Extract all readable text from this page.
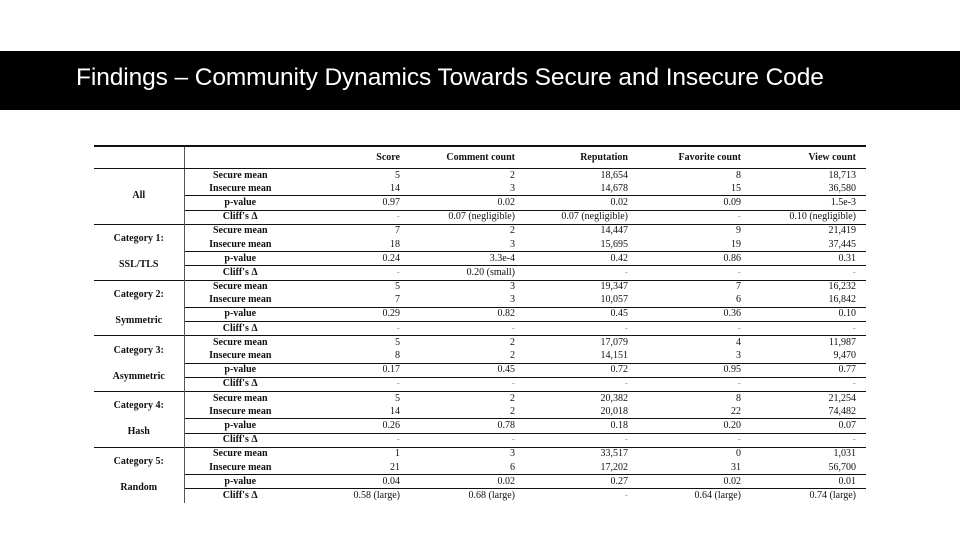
Findings – Community Dynamics Towards Secure and Insecure Code
		Score	Comment count	Reputation	Favorite count	View count

All	Secure mean	5	2	18,654	8	18,713
	Insecure mean	14	3	14,678	15	36,580
	p-value	0.97	0.02	0.02	0.09	1.5e-3
	Cliff's Δ	-	0.07 (negligible)	0.07 (negligible)	-	0.10 (negligible)

Category 1:
SSL/TLS	Secure mean	7	2	14,447	9	21,419
	Insecure mean	18	3	15,695	19	37,445
	p-value	0.24	3.3e-4	0.42	0.86	0.31
	Cliff's Δ	-	0.20 (small)	-	-	-

Category 2:
Symmetric	Secure mean	5	3	19,347	7	16,232
	Insecure mean	7	3	10,057	6	16,842
	p-value	0.29	0.82	0.45	0.36	0.10
	Cliff's Δ	-	-	-	-	-

Category 3:
Asymmetric	Secure mean	5	2	17,079	4	11,987
	Insecure mean	8	2	14,151	3	9,470
	p-value	0.17	0.45	0.72	0.95	0.77
	Cliff's Δ	-	-	-	-	-

Category 4:
Hash	Secure mean	5	2	20,382	8	21,254
	Insecure mean	14	2	20,018	22	74,482
	p-value	0.26	0.78	0.18	0.20	0.07
	Cliff's Δ	-	-	-	-	-

Category 5:
Random	Secure mean	1	3	33,517	0	1,031
	Insecure mean	21	6	17,202	31	56,700
	p-value	0.04	0.02	0.27	0.02	0.01
	Cliff's Δ	0.58 (large)	0.68 (large)	-	0.64 (large)	0.74 (large)
